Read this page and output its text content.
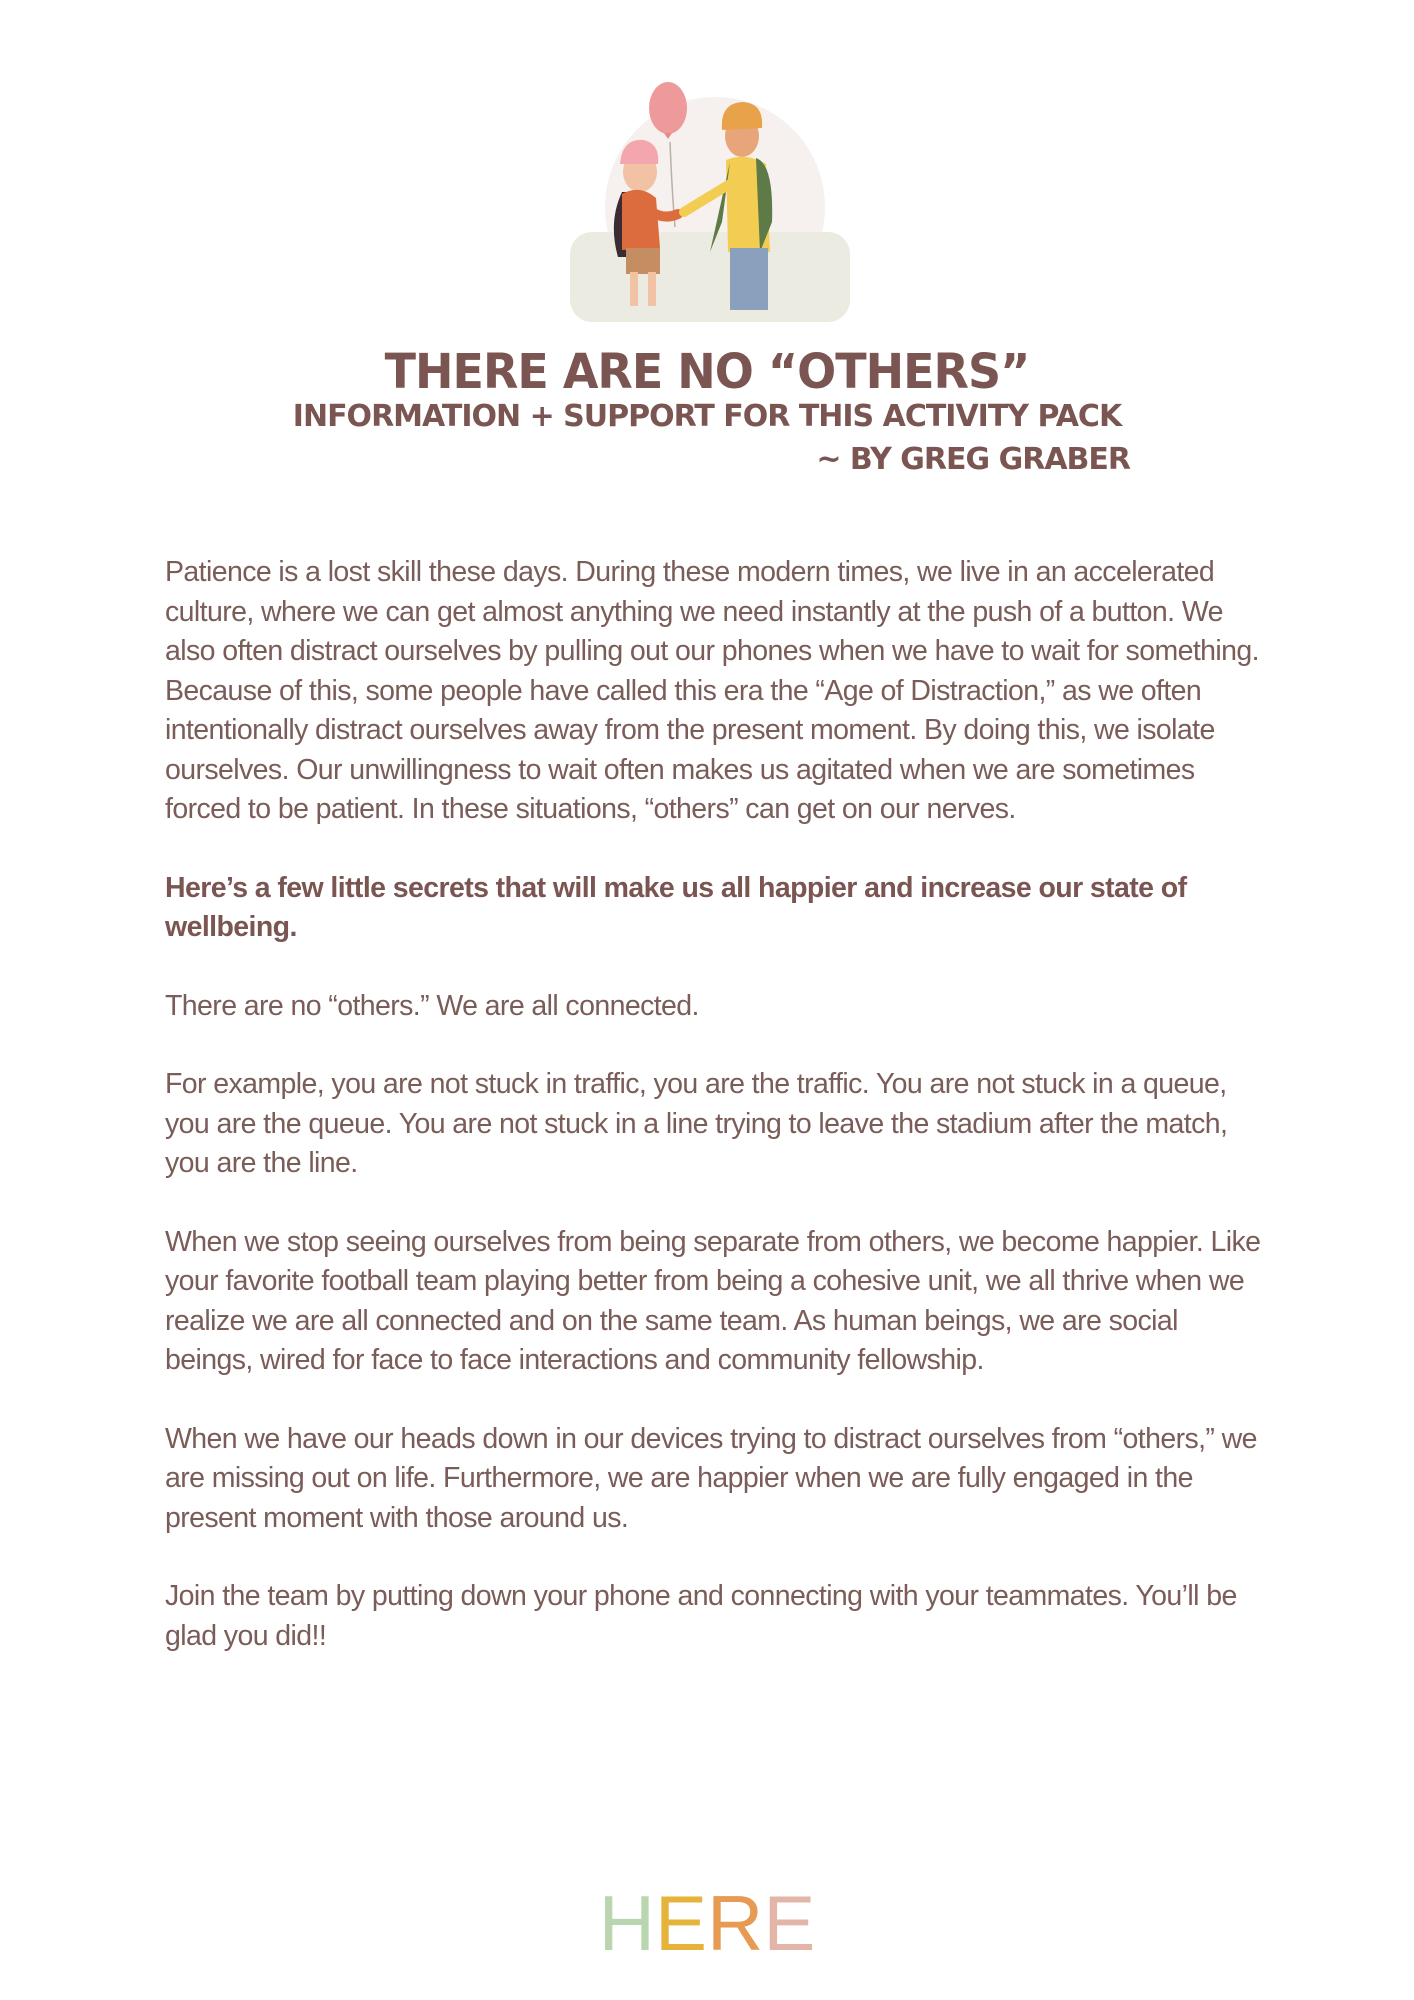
THERE ARE NO “OTHERS”
INFORMATION + SUPPORT FOR THIS ACTIVITY PACK
~ BY GREG GRABER

Patience is a lost skill these days. During these modern times, we live in an accelerated culture, where we can get almost anything we need instantly at the push of a button. We also often distract ourselves by pulling out our phones when we have to wait for something. Because of this, some people have called this era the “Age of Distraction,” as we often intentionally distract ourselves away from the present moment. By doing this, we isolate ourselves. Our unwillingness to wait often makes us agitated when we are sometimes forced to be patient. In these situations, “others” can get on our nerves.

Here’s a few little secrets that will make us all happier and increase our state of wellbeing.

There are no “others.” We are all connected.

For example, you are not stuck in traffic, you are the traffic. You are not stuck in a queue, you are the queue. You are not stuck in a line trying to leave the stadium after the match, you are the line.

When we stop seeing ourselves from being separate from others, we become happier. Like your favorite football team playing better from being a cohesive unit, we all thrive when we realize we are all connected and on the same team. As human beings, we are social beings, wired for face to face interactions and community fellowship.

When we have our heads down in our devices trying to distract ourselves from “others,” we are missing out on life. Furthermore, we are happier when we are fully engaged in the present moment with those around us.

Join the team by putting down your phone and connecting with your teammates. You’ll be glad you did!!

HERE
